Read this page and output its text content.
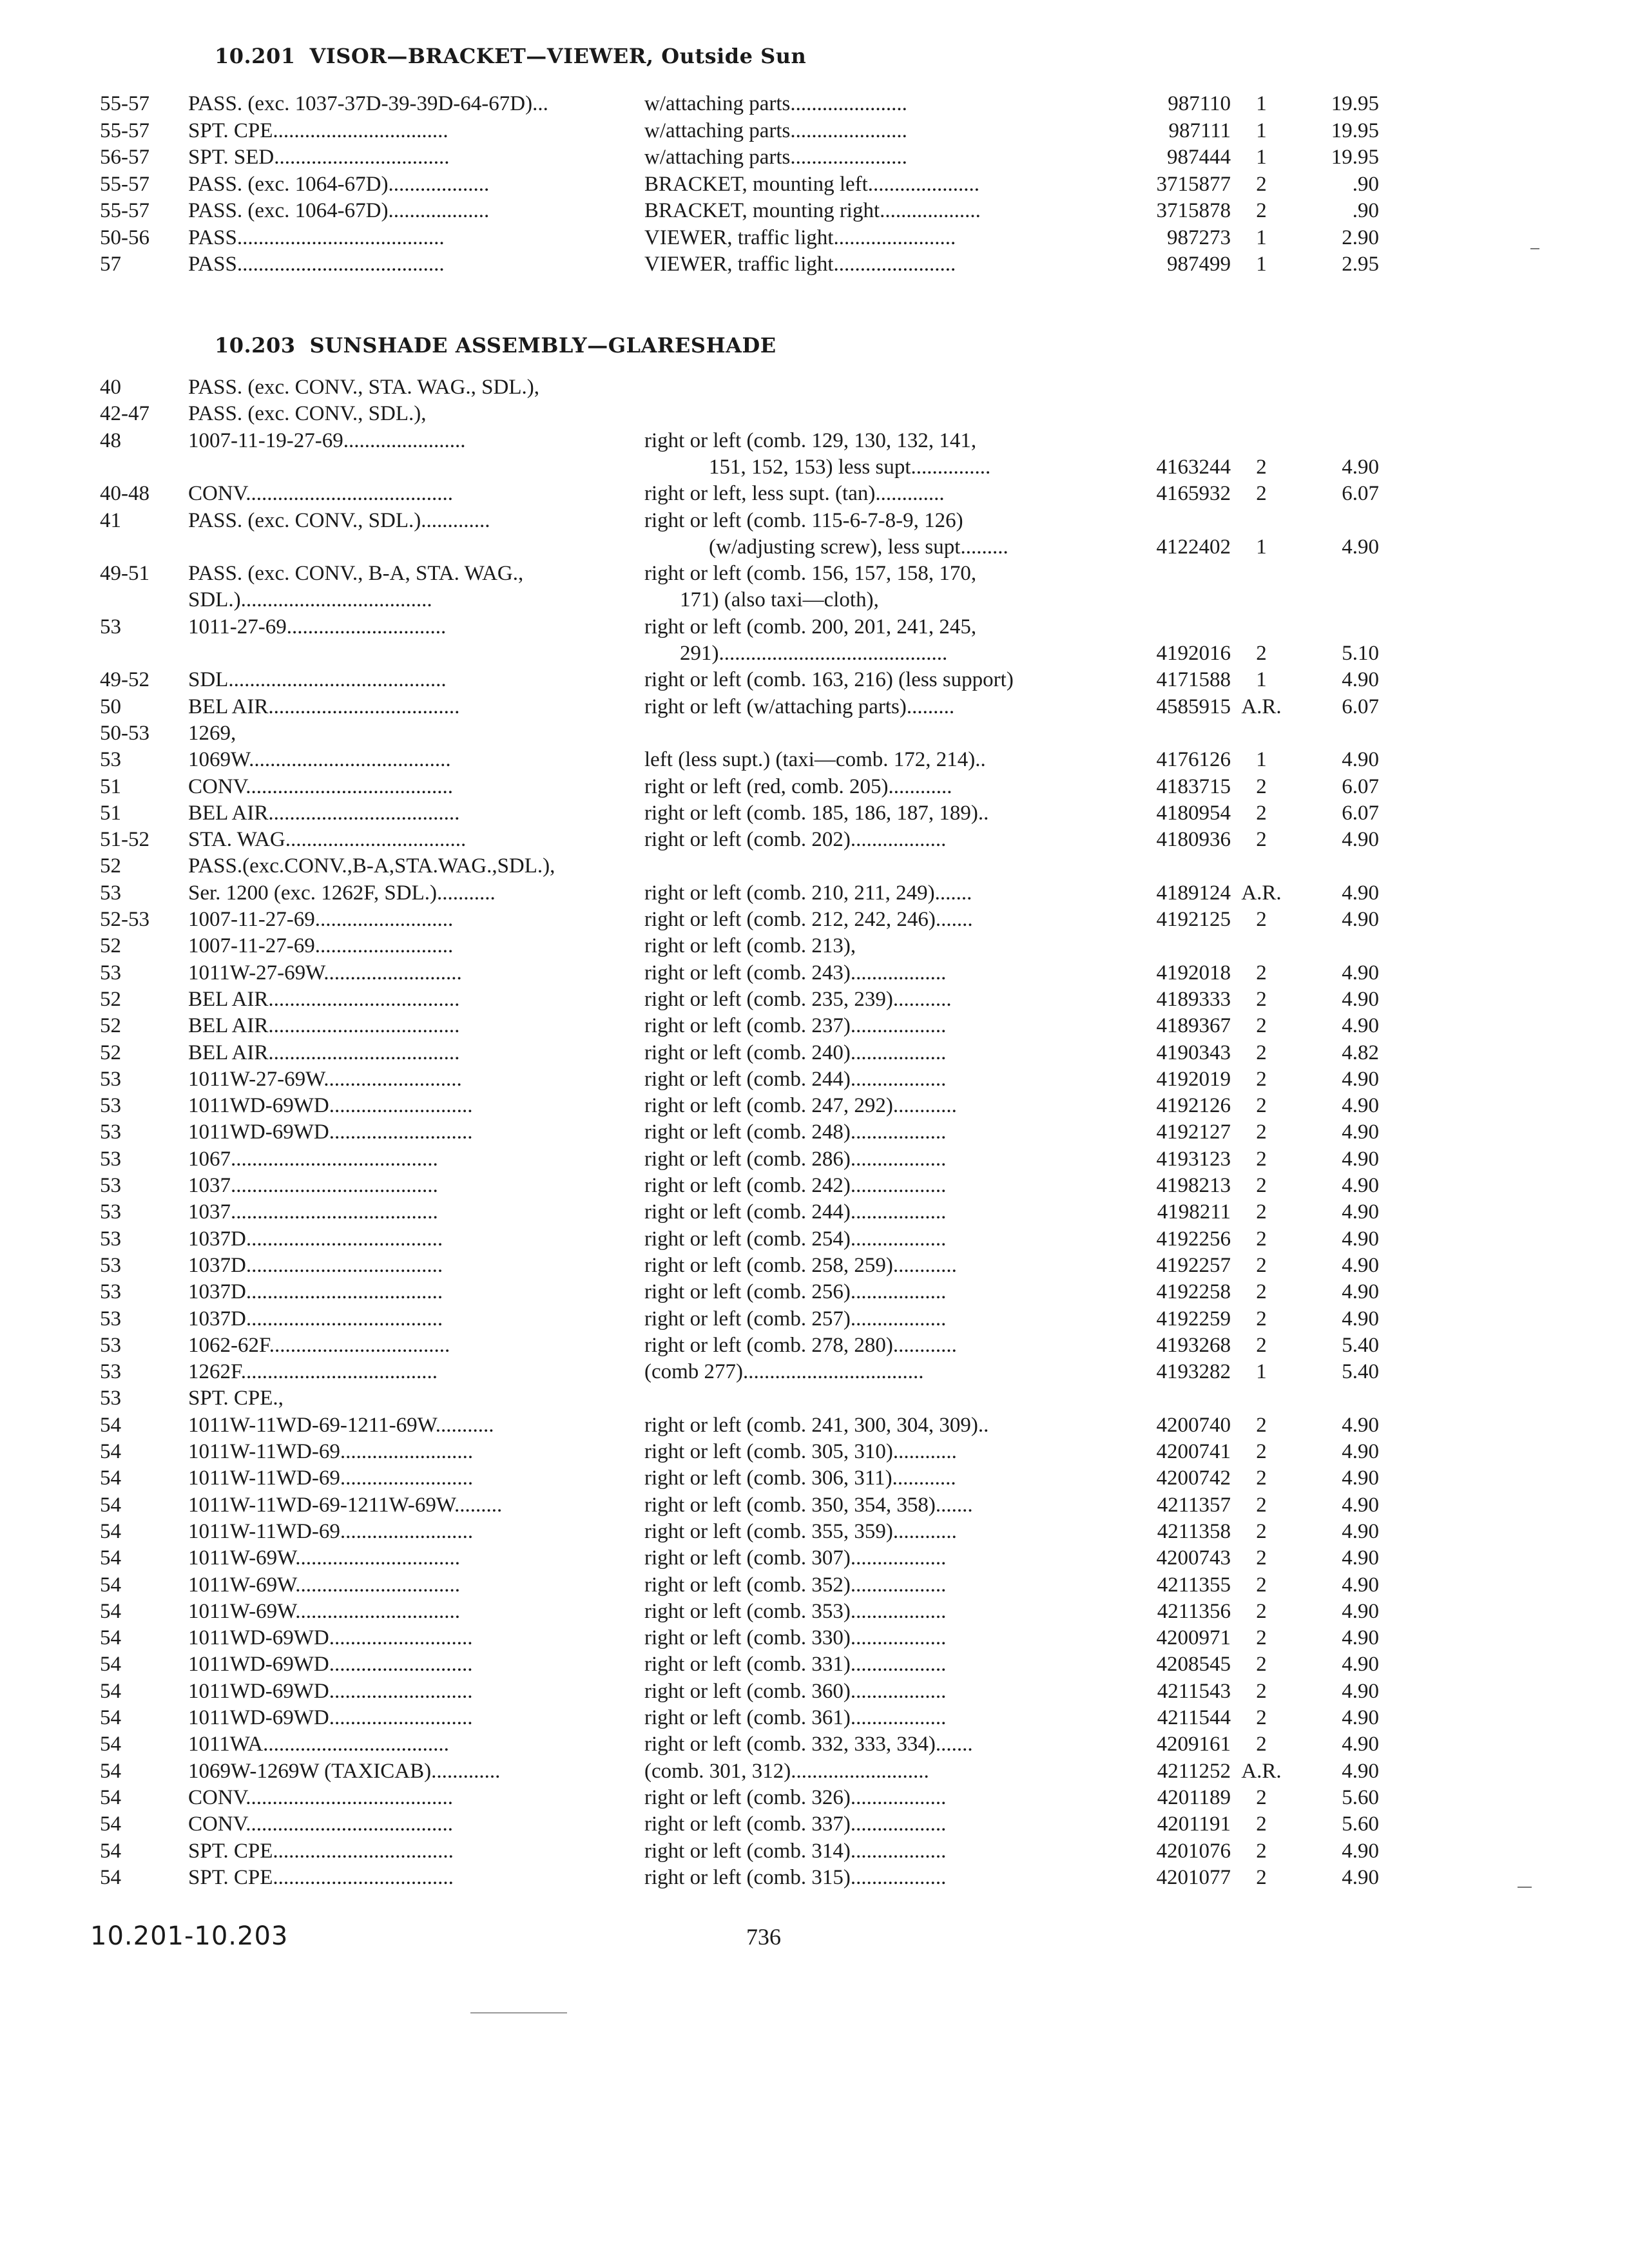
10.201 VISOR—BRACKET—VIEWER, Outside Sun
55-57	PASS. (exc. 1037-37D-39-39D-64-67D)...	w/attaching parts......................	987110	1	19.95
55-57	SPT. CPE.................................	w/attaching parts......................	987111	1	19.95
56-57	SPT. SED.................................	w/attaching parts......................	987444	1	19.95
55-57	PASS. (exc. 1064-67D)...................	BRACKET, mounting left.....................	3715877	2	.90
55-57	PASS. (exc. 1064-67D)...................	BRACKET, mounting right...................	3715878	2	.90
50-56	PASS.......................................	VIEWER, traffic light.......................	987273	1	2.90
57	PASS.......................................	VIEWER, traffic light.......................	987499	1	2.95
10.203 SUNSHADE ASSEMBLY—GLARESHADE
40	PASS. (exc. CONV., STA. WAG., SDL.),
42-47	PASS. (exc. CONV., SDL.),
48	1007-11-19-27-69.......................	right or left (comb. 129, 130, 132, 141,
151, 152, 153) less supt...............	4163244	2	4.90
40-48	CONV.......................................	right or left, less supt. (tan).............	4165932	2	6.07
41	PASS. (exc. CONV., SDL.).............	right or left (comb. 115-6-7-8-9, 126)
(w/adjusting screw), less supt.........	4122402	1	4.90
49-51	PASS. (exc. CONV., B-A, STA. WAG.,	right or left (comb. 156, 157, 158, 170,
SDL.)....................................	171) (also taxi—cloth),
53	1011-27-69..............................	right or left (comb. 200, 201, 241, 245,
291)...........................................	4192016	2	5.10
49-52	SDL.........................................	right or left (comb. 163, 216) (less support)	4171588	1	4.90
50	BEL AIR....................................	right or left (w/attaching parts).........	4585915 A.R.	6.07
50-53	1269,
53	1069W......................................	left (less supt.) (taxi—comb. 172, 214)..	4176126	1	4.90
51	CONV.......................................	right or left (red, comb. 205)............	4183715	2	6.07
51	BEL AIR....................................	right or left (comb. 185, 186, 187, 189)..	4180954	2	6.07
51-52	STA. WAG..................................	right or left (comb. 202)..................	4180936	2	4.90
52	PASS.(exc.CONV.,B-A,STA.WAG.,SDL.),
53	Ser. 1200 (exc. 1262F, SDL.)...........	right or left (comb. 210, 211, 249).......	4189124 A.R.	4.90
52-53	1007-11-27-69..........................	right or left (comb. 212, 242, 246).......	4192125	2	4.90
52	1007-11-27-69..........................	right or left (comb. 213),
53	1011W-27-69W..........................	right or left (comb. 243)..................	4192018	2	4.90
52	BEL AIR....................................	right or left (comb. 235, 239)...........	4189333	2	4.90
52	BEL AIR....................................	right or left (comb. 237)..................	4189367	2	4.90
52	BEL AIR....................................	right or left (comb. 240)..................	4190343	2	4.82
53	1011W-27-69W..........................	right or left (comb. 244)..................	4192019	2	4.90
53	1011WD-69WD...........................	right or left (comb. 247, 292)............	4192126	2	4.90
53	1011WD-69WD...........................	right or left (comb. 248)..................	4192127	2	4.90
53	1067.......................................	right or left (comb. 286)..................	4193123	2	4.90
53	1037.......................................	right or left (comb. 242)..................	4198213	2	4.90
53	1037.......................................	right or left (comb. 244)..................	4198211	2	4.90
53	1037D.....................................	right or left (comb. 254)..................	4192256	2	4.90
53	1037D.....................................	right or left (comb. 258, 259)............	4192257	2	4.90
53	1037D.....................................	right or left (comb. 256)..................	4192258	2	4.90
53	1037D.....................................	right or left (comb. 257)..................	4192259	2	4.90
53	1062-62F..................................	right or left (comb. 278, 280)............	4193268	2	5.40
53	1262F.....................................	(comb 277)..................................	4193282	1	5.40
53	SPT. CPE.,
54	1011W-11WD-69-1211-69W...........	right or left (comb. 241, 300, 304, 309)..	4200740	2	4.90
54	1011W-11WD-69.........................	right or left (comb. 305, 310)............	4200741	2	4.90
54	1011W-11WD-69.........................	right or left (comb. 306, 311)............	4200742	2	4.90
54	1011W-11WD-69-1211W-69W.........	right or left (comb. 350, 354, 358).......	4211357	2	4.90
54	1011W-11WD-69.........................	right or left (comb. 355, 359)............	4211358	2	4.90
54	1011W-69W...............................	right or left (comb. 307)..................	4200743	2	4.90
54	1011W-69W...............................	right or left (comb. 352)..................	4211355	2	4.90
54	1011W-69W...............................	right or left (comb. 353)..................	4211356	2	4.90
54	1011WD-69WD...........................	right or left (comb. 330)..................	4200971	2	4.90
54	1011WD-69WD...........................	right or left (comb. 331)..................	4208545	2	4.90
54	1011WD-69WD...........................	right or left (comb. 360)..................	4211543	2	4.90
54	1011WD-69WD...........................	right or left (comb. 361)..................	4211544	2	4.90
54	1011WA...................................	right or left (comb. 332, 333, 334).......	4209161	2	4.90
54	1069W-1269W (TAXICAB).............	(comb. 301, 312)..........................	4211252 A.R.	4.90
54	CONV.......................................	right or left (comb. 326)..................	4201189	2	5.60
54	CONV.......................................	right or left (comb. 337)..................	4201191	2	5.60
54	SPT. CPE..................................	right or left (comb. 314)..................	4201076	2	4.90
54	SPT. CPE..................................	right or left (comb. 315)..................	4201077	2	4.90
10.201-10.203	736
